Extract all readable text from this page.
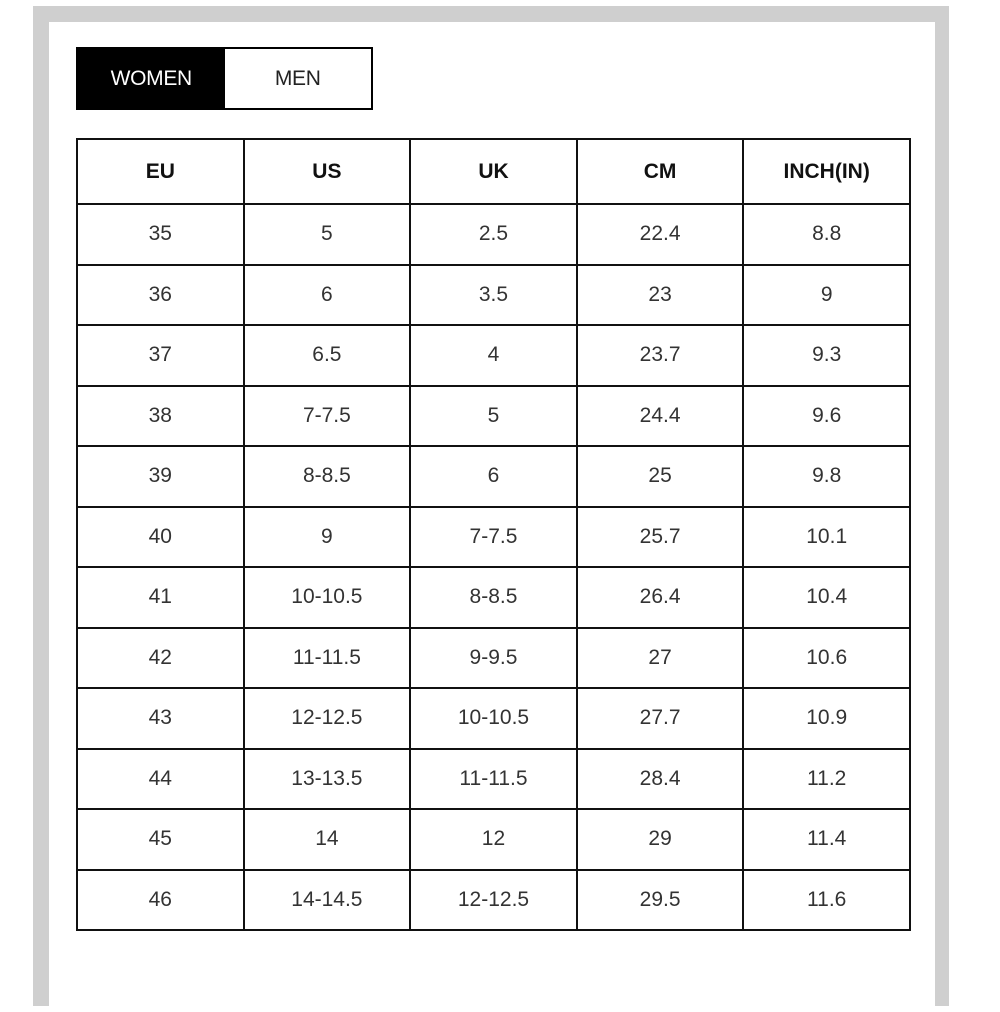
WOMEN	MEN
EU	US	UK	CM	INCH(IN)
35	5	2.5	22.4	8.8
36	6	3.5	23	9
37	6.5	4	23.7	9.3
38	7-7.5	5	24.4	9.6
39	8-8.5	6	25	9.8
40	9	7-7.5	25.7	10.1
41	10-10.5	8-8.5	26.4	10.4
42	11-11.5	9-9.5	27	10.6
43	12-12.5	10-10.5	27.7	10.9
44	13-13.5	11-11.5	28.4	11.2
45	14	12	29	11.4
46	14-14.5	12-12.5	29.5	11.6
